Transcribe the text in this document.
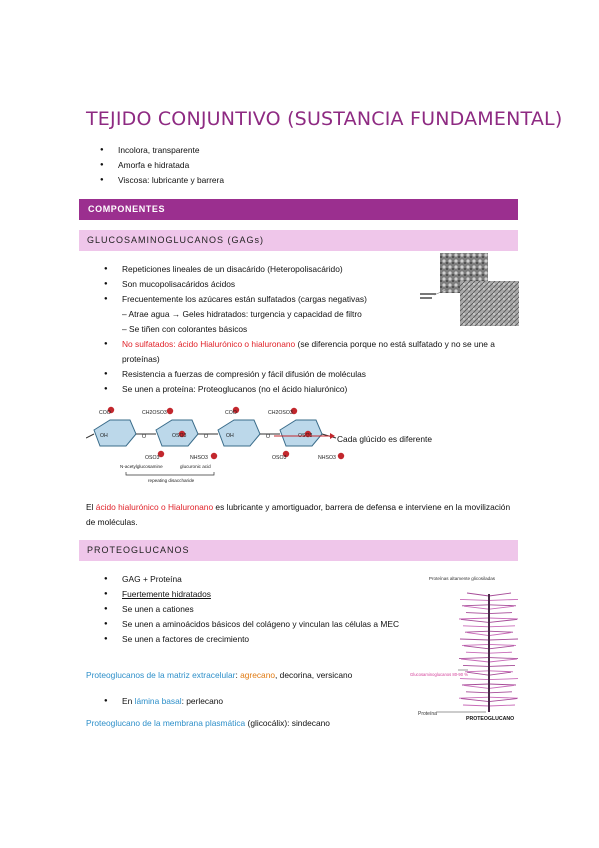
TEJIDO CONJUNTIVO (SUSTANCIA FUNDAMENTAL)
● Incolora, transparente
● Amorfa e hidratada
● Viscosa: lubricante y barrera
COMPONENTES
GLUCOSAMINOGLUCANOS (GAGs)
● Repeticiones lineales de un disacárido (Heteropolisacárido)
● Son mucopolisacáridos ácidos
● Frecuentemente los azúcares están sulfatados (cargas negativas)
– Atrae agua → Geles hidratados: turgencia y capacidad de filtro
– Se tiñen con colorantes básicos
● No sulfatados: ácido Hialurónico o hialuronano (se diferencia porque no está sulfatado y no se une a proteínas)
● Resistencia a fuerzas de compresión y fácil difusión de moléculas
● Se unen a proteína: Proteoglucanos (no el ácido hialurónico)
COO
OH
CH2OSO3
OSO3
NHSO3
OSO3
COO
OH
CH2OSO3
OSO3
NHSO3
OSO3
O	O	O
N-acetylglucosamine	glucuronic acid
repeating disaccharide
Cada glúcido es diferente
El ácido hialurónico o Hialuronano es lubricante y amortiguador, barrera de defensa e interviene en la movilización de moléculas.
PROTEOGLUCANOS
● GAG + Proteína
● Fuertemente hidratados
● Se unen a cationes
● Se unen a aminoácidos básicos del colágeno y vinculan las células a MEC
● Se unen a factores de crecimiento
Proteoglucanos de la matriz extracelular: agrecano, decorina, versicano
● En lámina basal: perlecano
Proteoglucano de la membrana plasmática (glicocálix): sindecano
Proteínas altamente glicosiladas
Glucosaminoglucanos 80-90 %
Proteína
PROTEOGLUCANO
